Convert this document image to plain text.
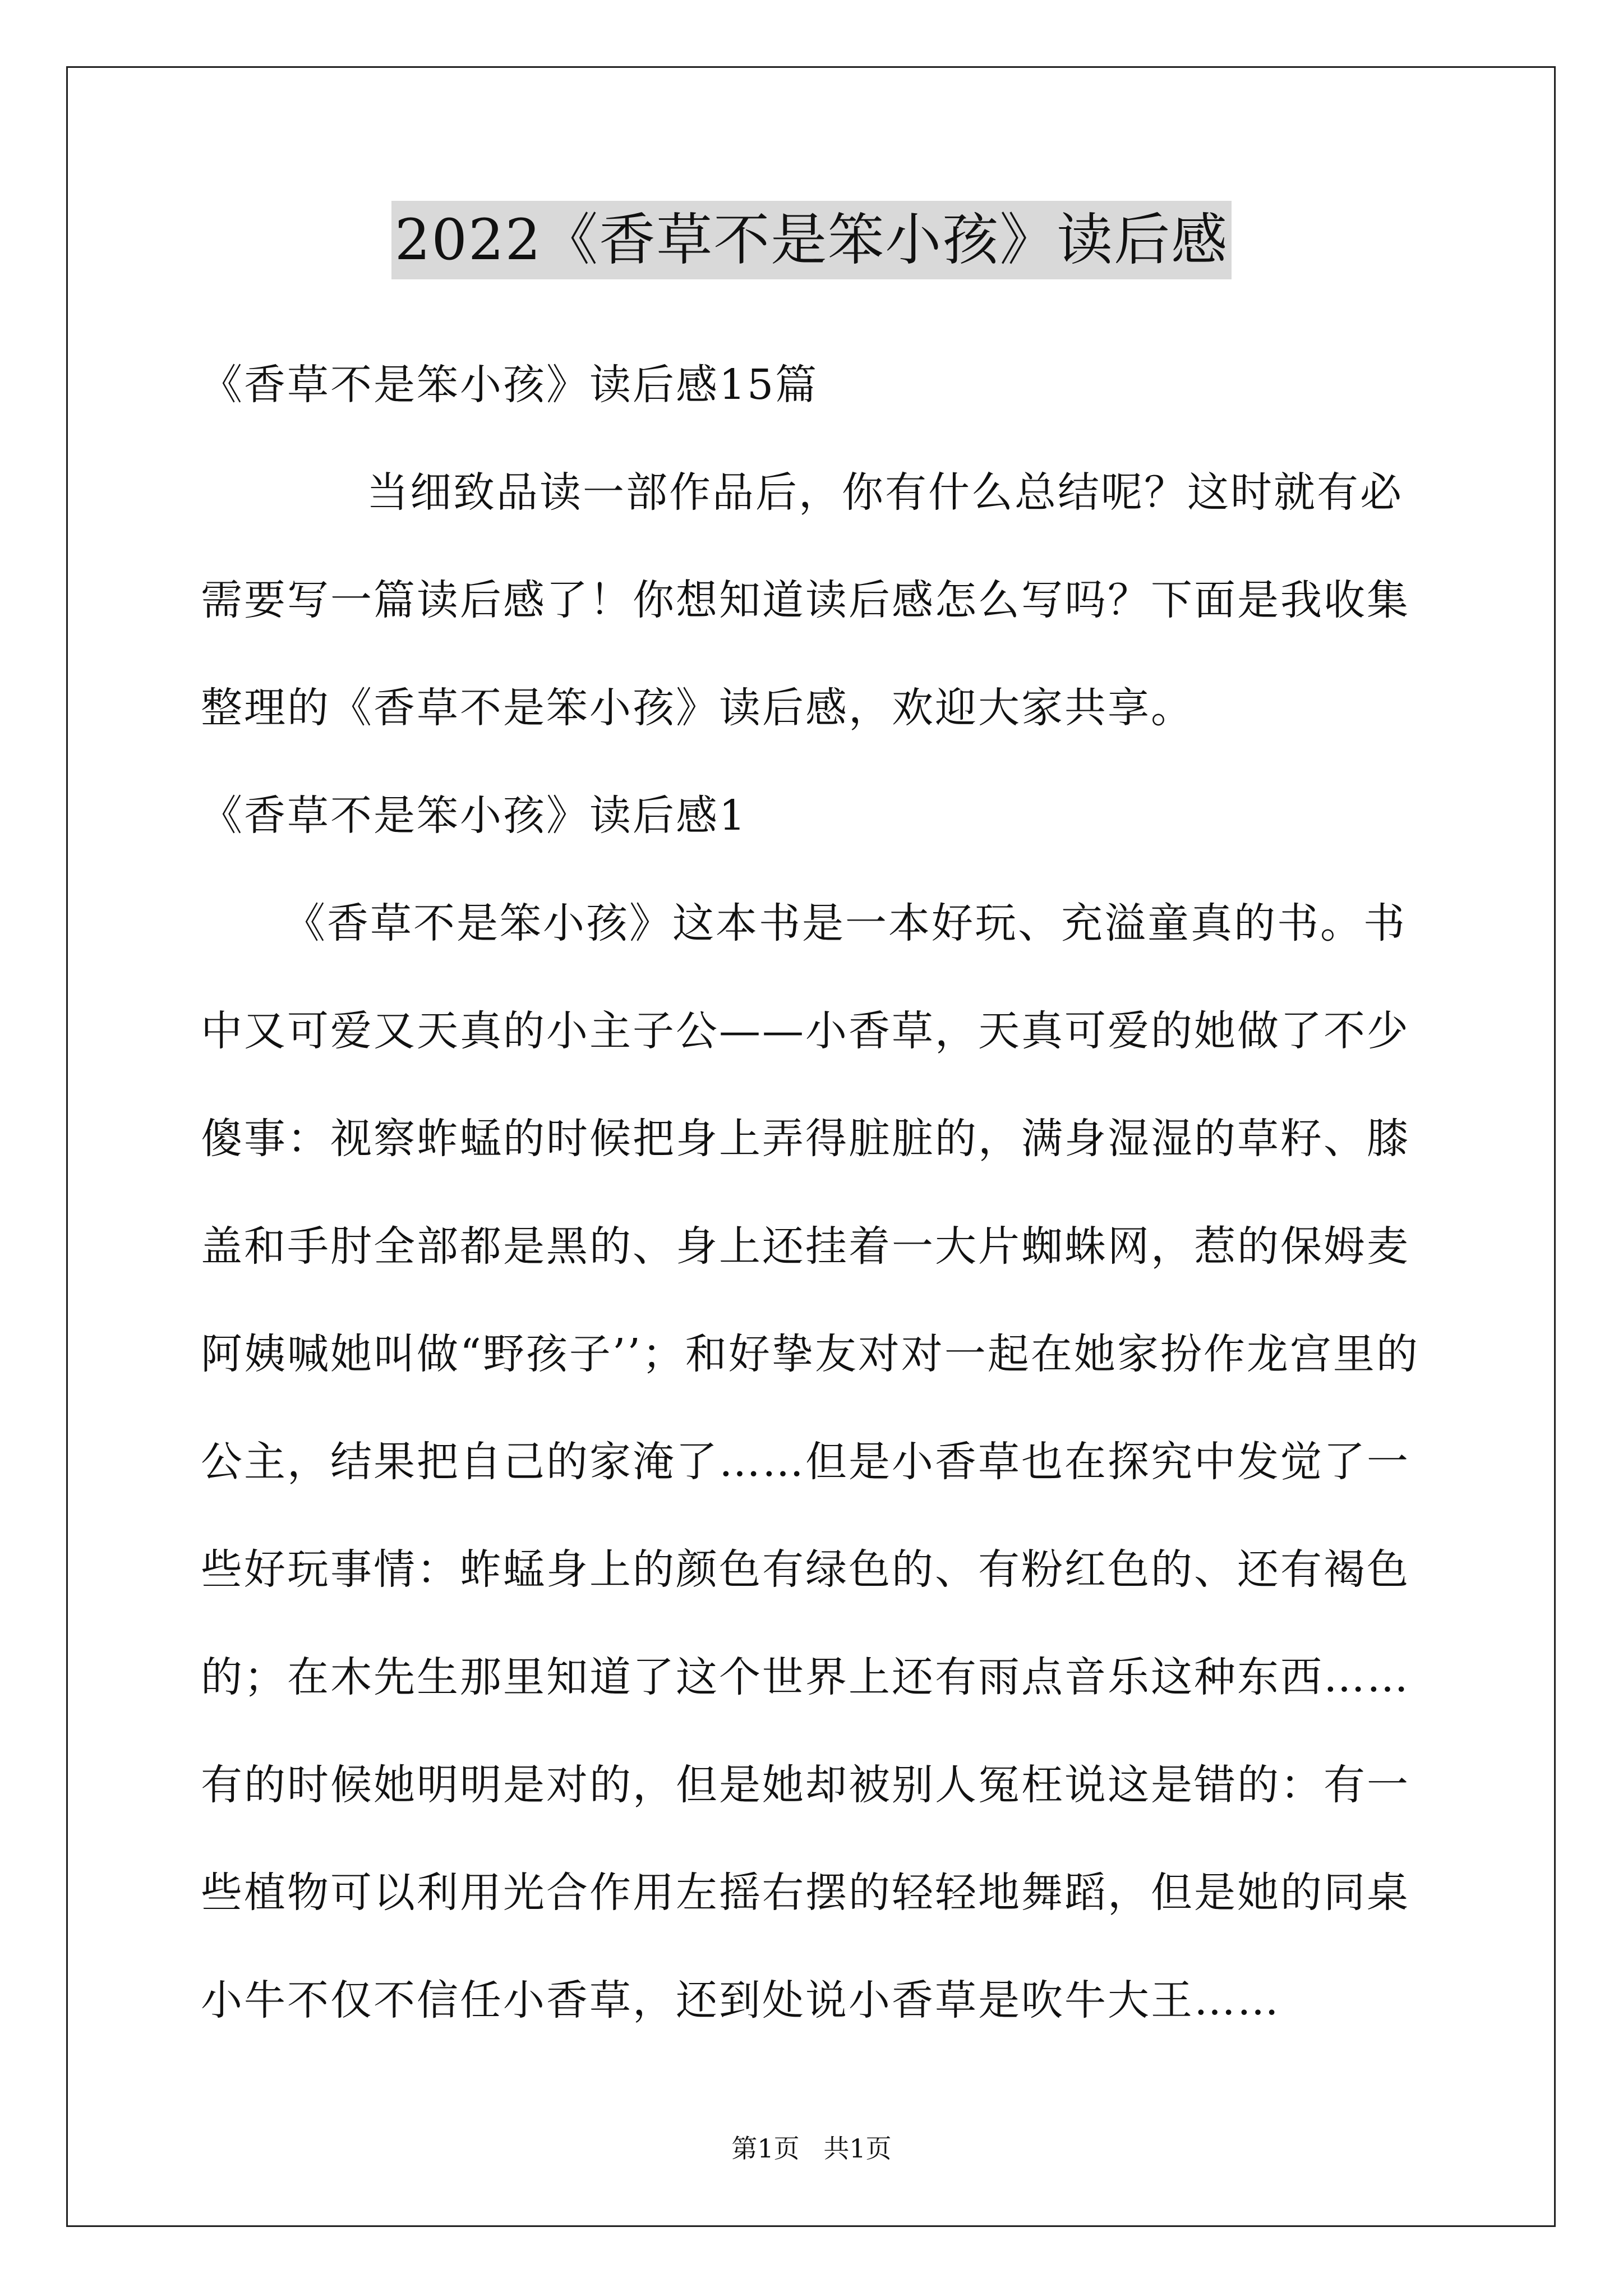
2022《香草不是笨小孩》读后感

《香草不是笨小孩》读后感15篇

当细致品读一部作品后，你有什么总结呢？这时就有必需要写一篇读后感了！你想知道读后感怎么写吗？下面是我收集整理的《香草不是笨小孩》读后感，欢迎大家共享。

《香草不是笨小孩》读后感1

《香草不是笨小孩》这本书是一本好玩、充溢童真的书。书中又可爱又天真的小主子公——小香草，天真可爱的她做了不少傻事：视察蚱蜢的时候把身上弄得脏脏的，满身湿湿的草籽、膝盖和手肘全部都是黑的、身上还挂着一大片蜘蛛网，惹的保姆麦阿姨喊她叫做“野孩子’’；和好挚友对对一起在她家扮作龙宫里的公主，结果把自己的家淹了……但是小香草也在探究中发觉了一些好玩事情：蚱蜢身上的颜色有绿色的、有粉红色的、还有褐色的；在木先生那里知道了这个世界上还有雨点音乐这种东西……有的时候她明明是对的，但是她却被别人冤枉说这是错的：有一些植物可以利用光合作用左摇右摆的轻轻地舞蹈，但是她的同桌小牛不仅不信任小香草，还到处说小香草是吹牛大王……

第1页 共1页
